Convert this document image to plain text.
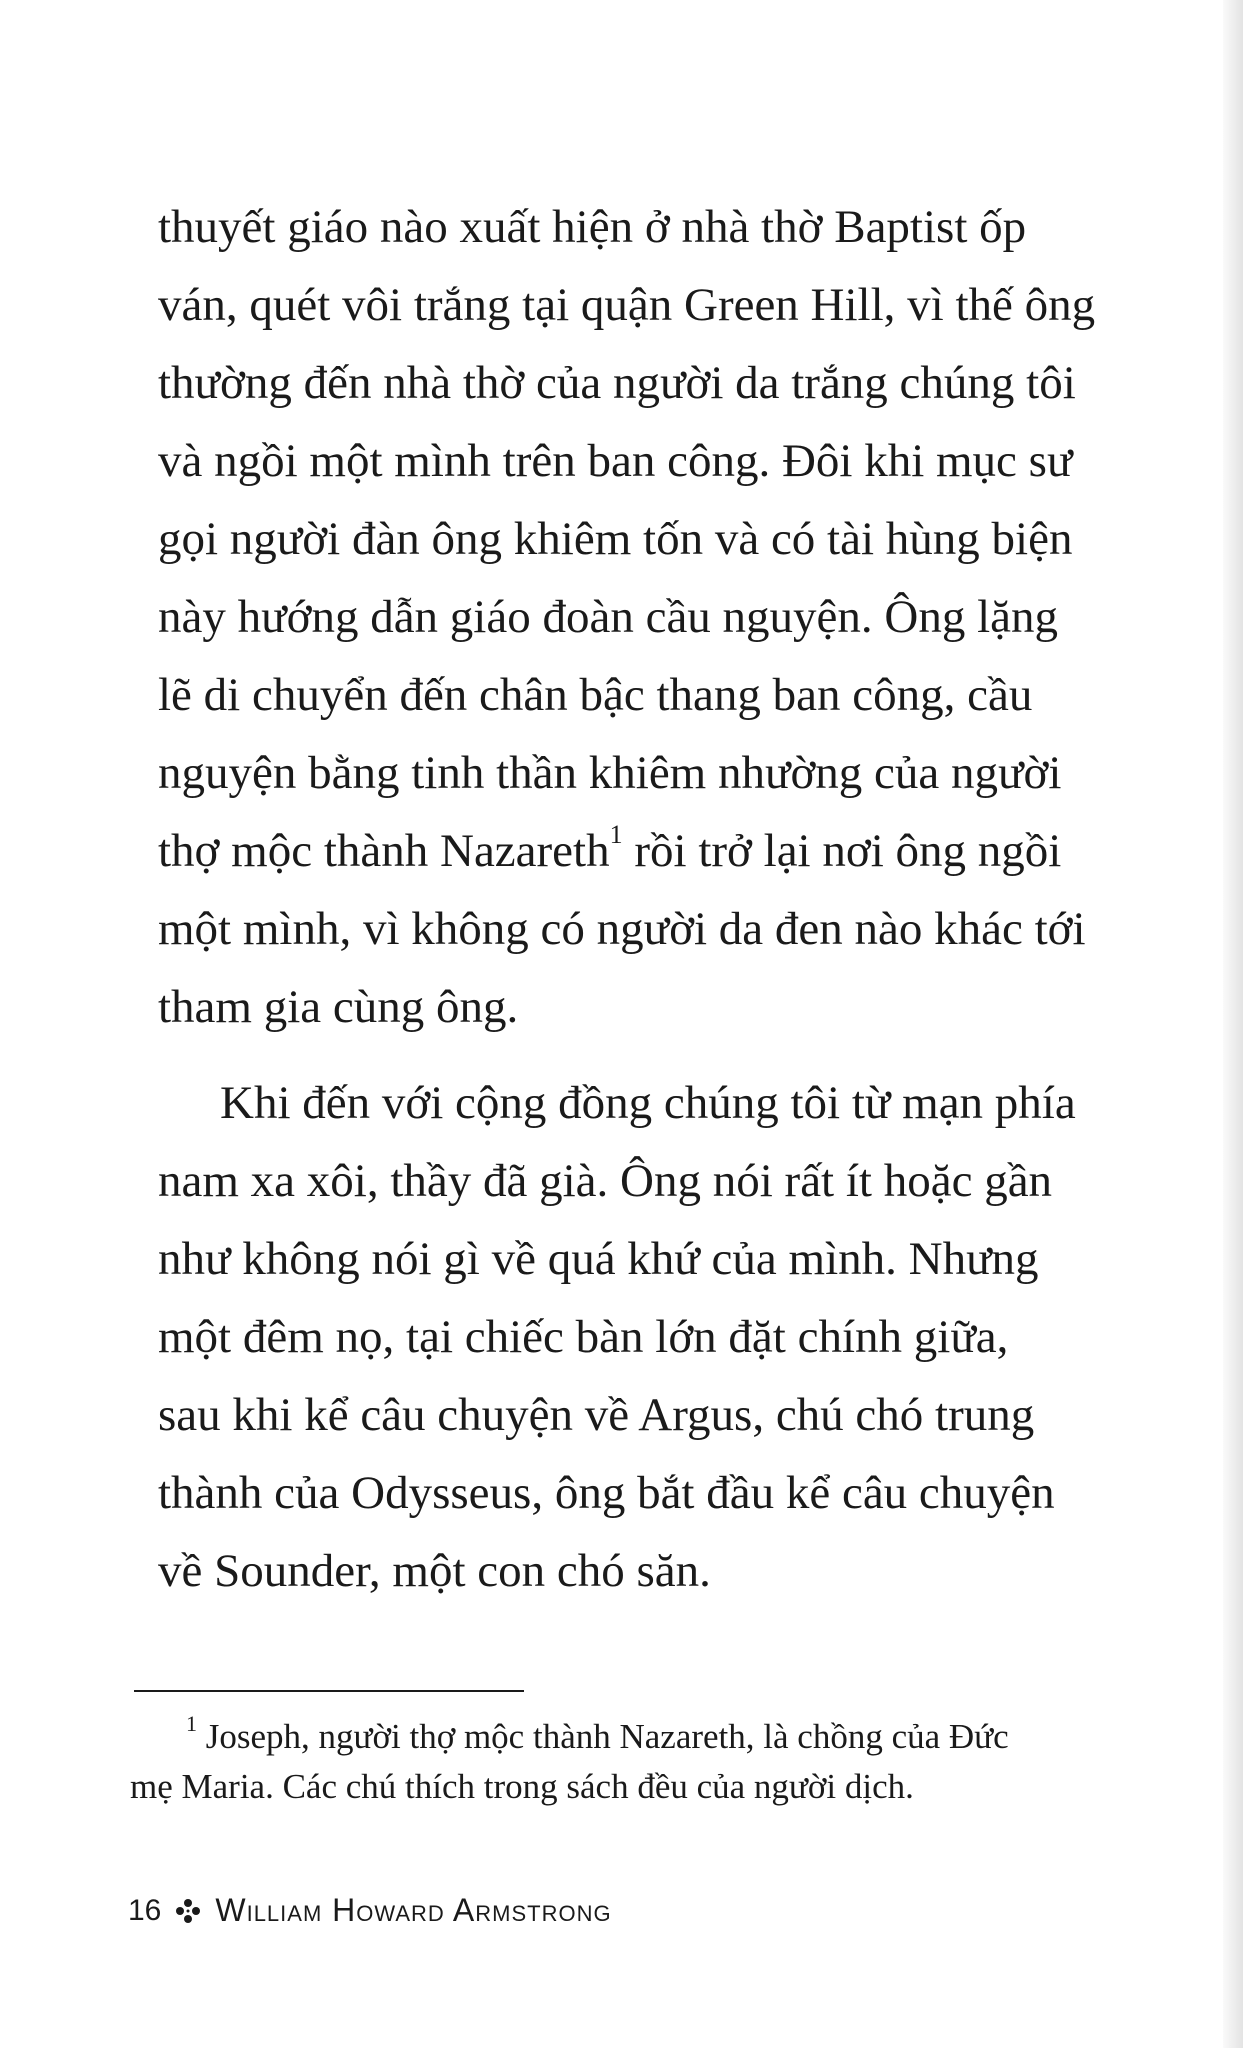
thuyết giáo nào xuất hiện ở nhà thờ Baptist ốp
ván, quét vôi trắng tại quận Green Hill, vì thế ông
thường đến nhà thờ của người da trắng chúng tôi
và ngồi một mình trên ban công. Đôi khi mục sư
gọi người đàn ông khiêm tốn và có tài hùng biện
này hướng dẫn giáo đoàn cầu nguyện. Ông lặng
lẽ di chuyển đến chân bậc thang ban công, cầu
nguyện bằng tinh thần khiêm nhường của người
thợ mộc thành Nazareth$^1$ rồi trở lại nơi ông ngồi
một mình, vì không có người da đen nào khác tới
tham gia cùng ông.
Khi đến với cộng đồng chúng tôi từ mạn phía
nam xa xôi, thầy đã già. Ông nói rất ít hoặc gần
như không nói gì về quá khứ của mình. Nhưng
một đêm nọ, tại chiếc bàn lớn đặt chính giữa,
sau khi kể câu chuyện về Argus, chú chó trung
thành của Odysseus, ông bắt đầu kể câu chuyện
về Sounder, một con chó săn.
$^1$ Joseph, người thợ mộc thành Nazareth, là chồng của Đức
mẹ Maria. Các chú thích trong sách đều của người dịch.
16 William Howard Armstrong
